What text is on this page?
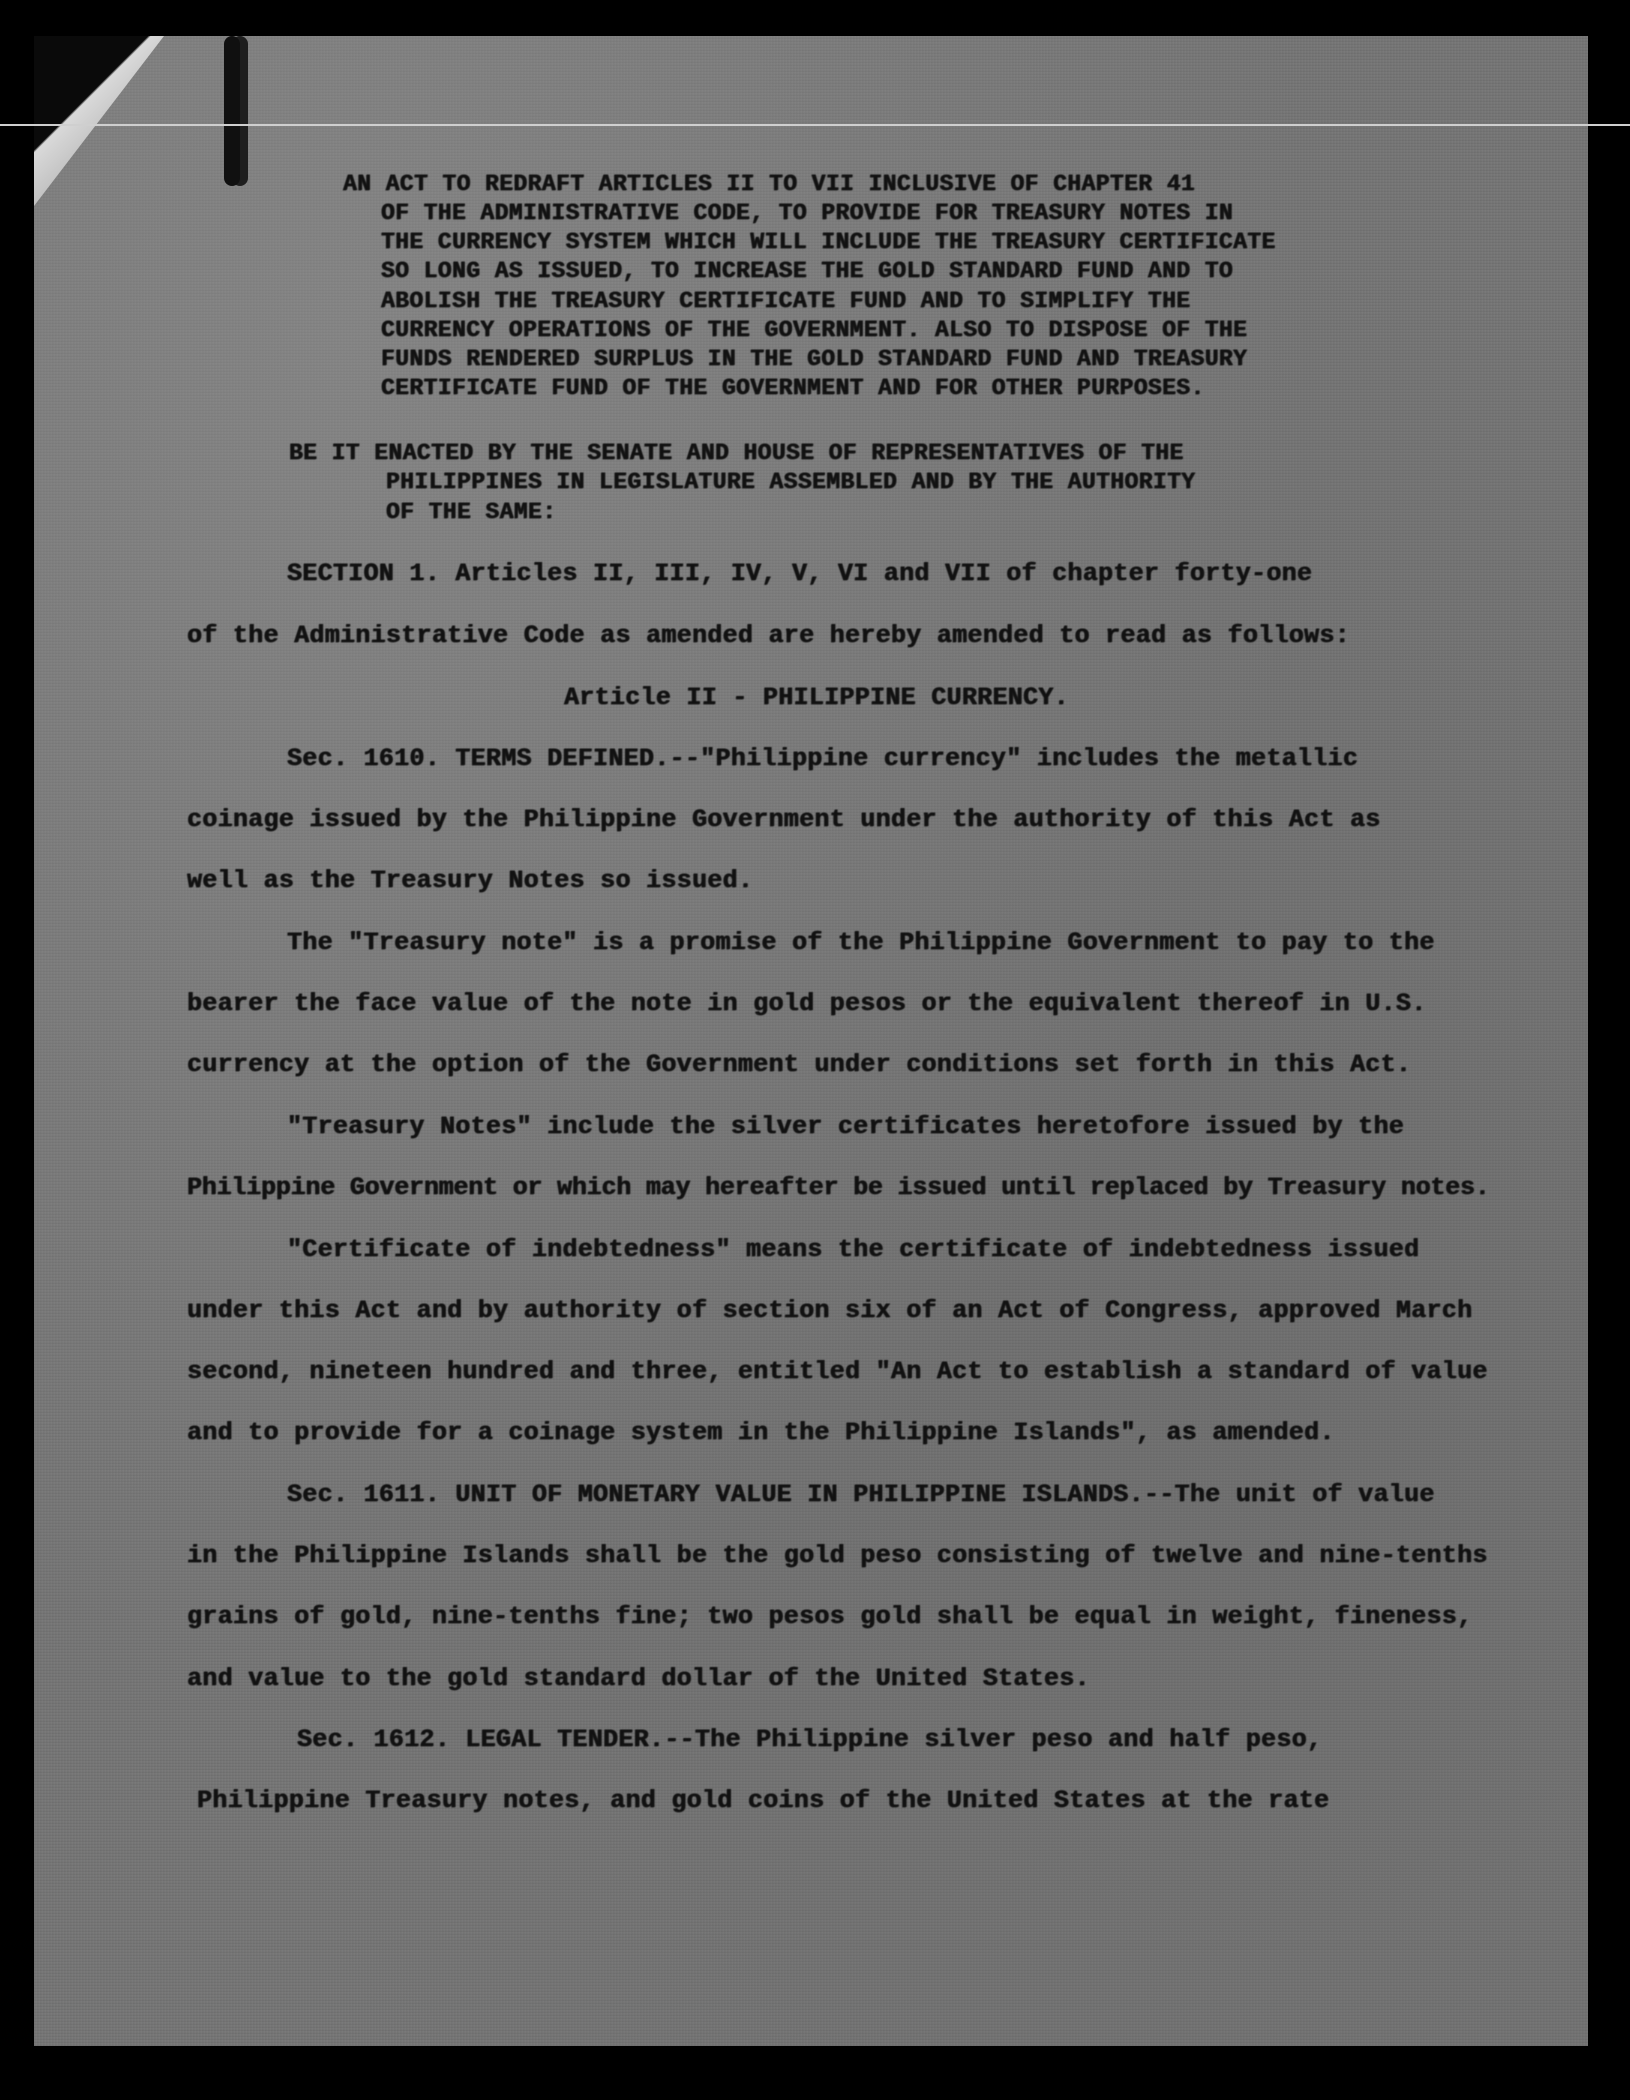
AN ACT TO REDRAFT ARTICLES II TO VII INCLUSIVE OF CHAPTER 41
OF THE ADMINISTRATIVE CODE, TO PROVIDE FOR TREASURY NOTES IN
THE CURRENCY SYSTEM WHICH WILL INCLUDE THE TREASURY CERTIFICATE
SO LONG AS ISSUED, TO INCREASE THE GOLD STANDARD FUND AND TO
ABOLISH THE TREASURY CERTIFICATE FUND AND TO SIMPLIFY THE
CURRENCY OPERATIONS OF THE GOVERNMENT. ALSO TO DISPOSE OF THE
FUNDS RENDERED SURPLUS IN THE GOLD STANDARD FUND AND TREASURY
CERTIFICATE FUND OF THE GOVERNMENT AND FOR OTHER PURPOSES.
BE IT ENACTED BY THE SENATE AND HOUSE OF REPRESENTATIVES OF THE
PHILIPPINES IN LEGISLATURE ASSEMBLED AND BY THE AUTHORITY
OF THE SAME:
SECTION 1. Articles II, III, IV, V, VI and VII of chapter forty-one
of the Administrative Code as amended are hereby amended to read as follows:
Article II - PHILIPPINE CURRENCY.
Sec. 1610. TERMS DEFINED.--"Philippine currency" includes the metallic
coinage issued by the Philippine Government under the authority of this Act as
well as the Treasury Notes so issued.
The "Treasury note" is a promise of the Philippine Government to pay to the
bearer the face value of the note in gold pesos or the equivalent thereof in U.S.
currency at the option of the Government under conditions set forth in this Act.
"Treasury Notes" include the silver certificates heretofore issued by the
Philippine Government or which may hereafter be issued until replaced by Treasury notes.
"Certificate of indebtedness" means the certificate of indebtedness issued
under this Act and by authority of section six of an Act of Congress, approved March
second, nineteen hundred and three, entitled "An Act to establish a standard of value
and to provide for a coinage system in the Philippine Islands", as amended.
Sec. 1611. UNIT OF MONETARY VALUE IN PHILIPPINE ISLANDS.--The unit of value
in the Philippine Islands shall be the gold peso consisting of twelve and nine-tenths
grains of gold, nine-tenths fine; two pesos gold shall be equal in weight, fineness,
and value to the gold standard dollar of the United States.
Sec. 1612. LEGAL TENDER.--The Philippine silver peso and half peso,
Philippine Treasury notes, and gold coins of the United States at the rate
